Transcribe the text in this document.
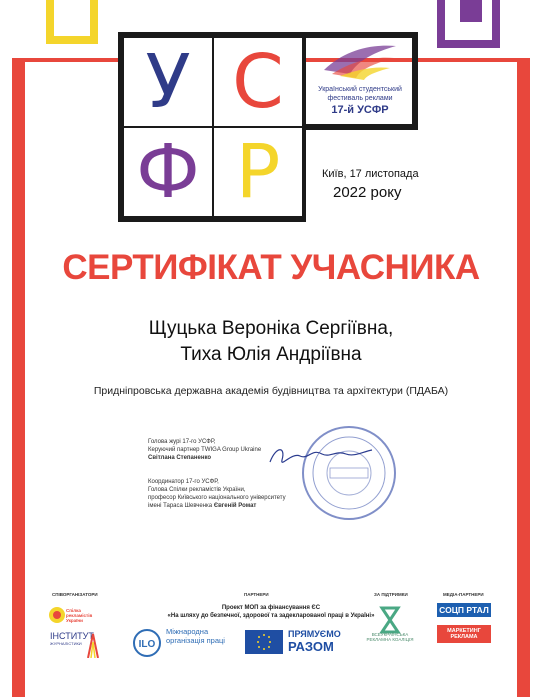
У С
Ф Р
Український студентський
фестиваль реклами
17-й УСФР
Київ, 17 листопада
2022 року
СЕРТИФІКАТ УЧАСНИКА
Щуцька Вероніка Сергіївна,
Тиха Юлія Андріївна
Придніпровська державна академія будівництва та архітектури (ПДАБА)
Голова журі 17-го УСФР,
Керуючий партнер TWIGA Group Ukraine
Світлана Степаненко
Координатор 17-го УСФР,
Голова Спілки рекламістів України,
професор Київського національного університету
імені Тараса Шевченка Євгеній Ромат
СПІВОРГАНІЗАТОРИ	ПАРТНЕРИ	ЗА ПІДТРИМКИ	МЕДІА-ПАРТНЕРИ
Проект МОП за фінансування ЄС
«На шляху до безпечної, здорової та задекларованої праці в Україні»
Спілка рекламістів України
ІНСТИТУТ
ЖУРНАЛІСТИКИ	ILO
Міжнародна організація праці
ПРЯМУЄМО
РАЗОМ
ВСЕУКРАЇНСЬКА РЕКЛАМНА КОАЛІЦІЯ
СОЦП РТАЛ
МАРКЕТИНГ РЕКЛАМА
